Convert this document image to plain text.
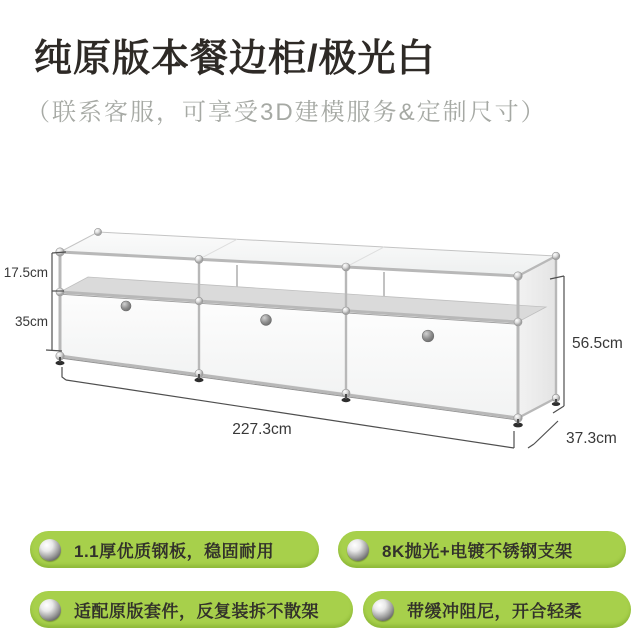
纯原版本餐边柜/极光白

（联系客服，可享受3D建模服务&定制尺寸）

17.5cm
35cm
56.5cm
227.3cm
37.3cm
1.1厚优质钢板，稳固耐用	8K抛光+电镀不锈钢支架
适配原版套件，反复装拆不散架	带缓冲阻尼，开合轻柔
